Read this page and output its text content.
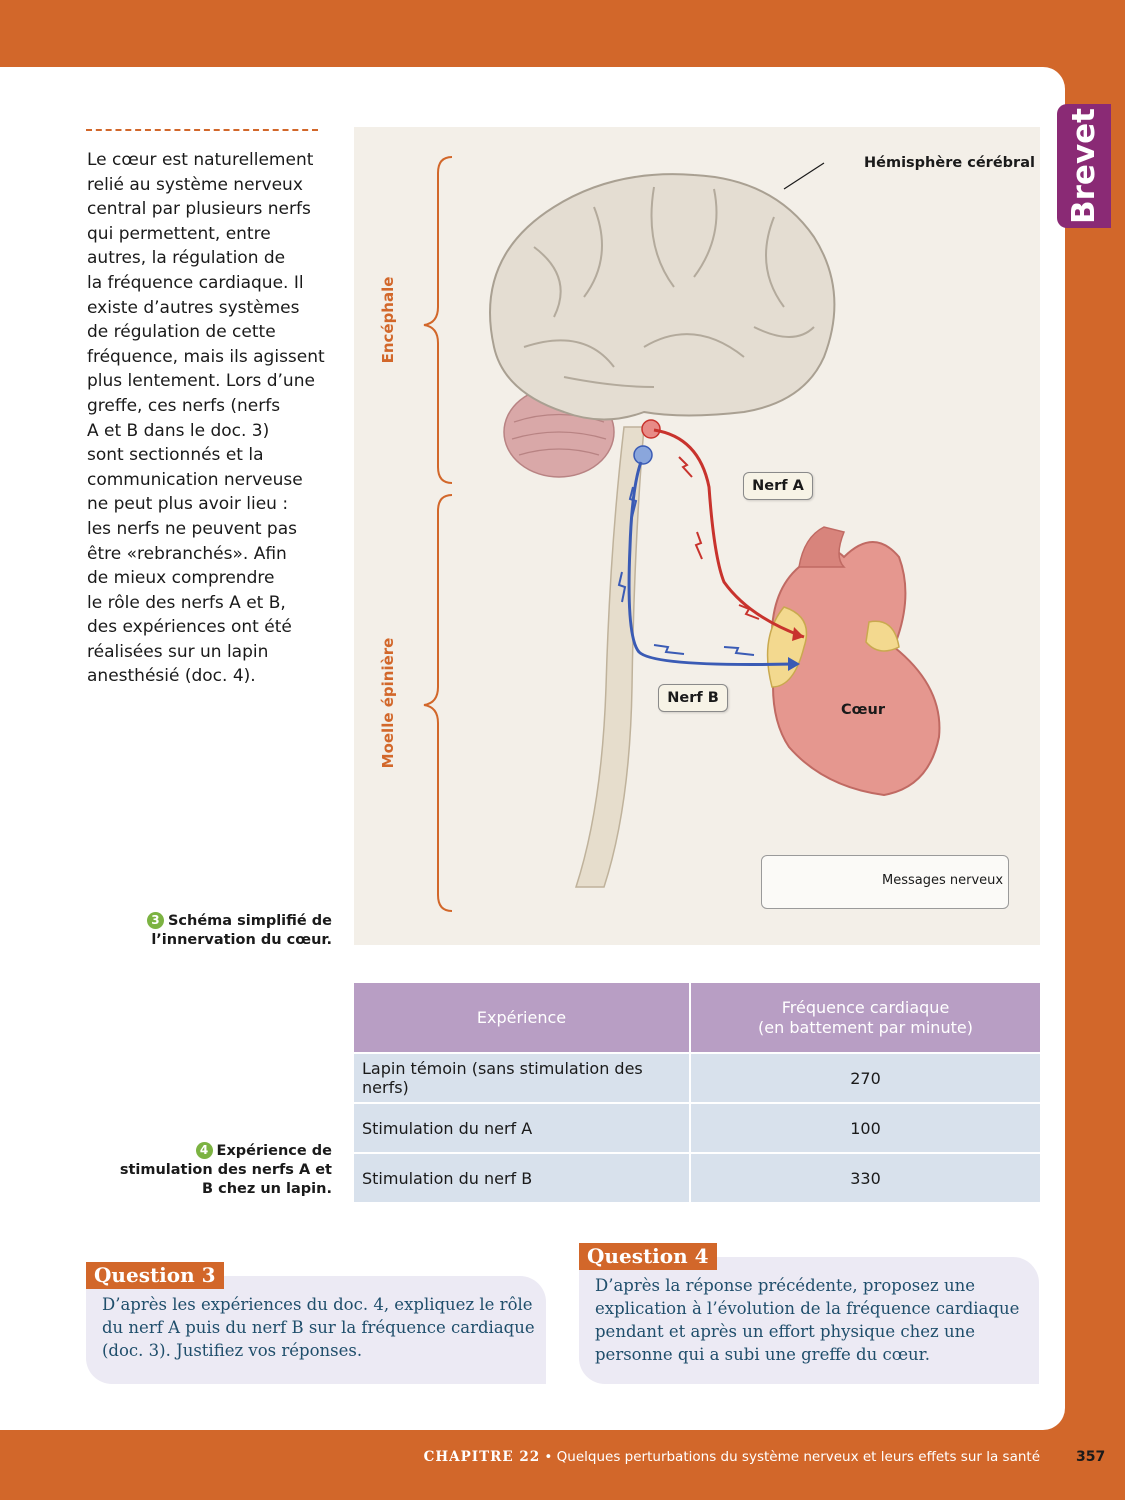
Brevet
Le cœur est naturellement
relié au système nerveux
central par plusieurs nerfs
qui permettent, entre
autres, la régulation de
la fréquence cardiaque. Il
existe d’autres systèmes
de régulation de cette
fréquence, mais ils agissent
plus lentement. Lors d’une
greffe, ces nerfs (nerfs
A et B dans le doc. 3)
sont sectionnés et la
communication nerveuse
ne peut plus avoir lieu :
les nerfs ne peuvent pas
être «rebranchés». Afin
de mieux comprendre
le rôle des nerfs A et B,
des expériences ont été
réalisées sur un lapin
anesthésié (doc. 4).
3 Schéma simplifié de l’innervation du cœur.
Hémisphère cérébral
Encéphale
Moelle épinière
Nerf A
Nerf B
Cœur
Messages nerveux
Expérience	Fréquence cardiaque
(en battement par minute)
Lapin témoin (sans stimulation des nerfs)	270
Stimulation du nerf A	100
Stimulation du nerf B	330
4 Expérience de stimulation des nerfs A et B chez un lapin.
Question 3
D’après les expériences du doc. 4, expliquez le rôle
du nerf A puis du nerf B sur la fréquence cardiaque
(doc. 3). Justifiez vos réponses.
Question 4
D’après la réponse précédente, proposez une
explication à l’évolution de la fréquence cardiaque
pendant et après un effort physique chez une
personne qui a subi une greffe du cœur.
CHAPITRE 22 • Quelques perturbations du système nerveux et leurs effets sur la santé	357
